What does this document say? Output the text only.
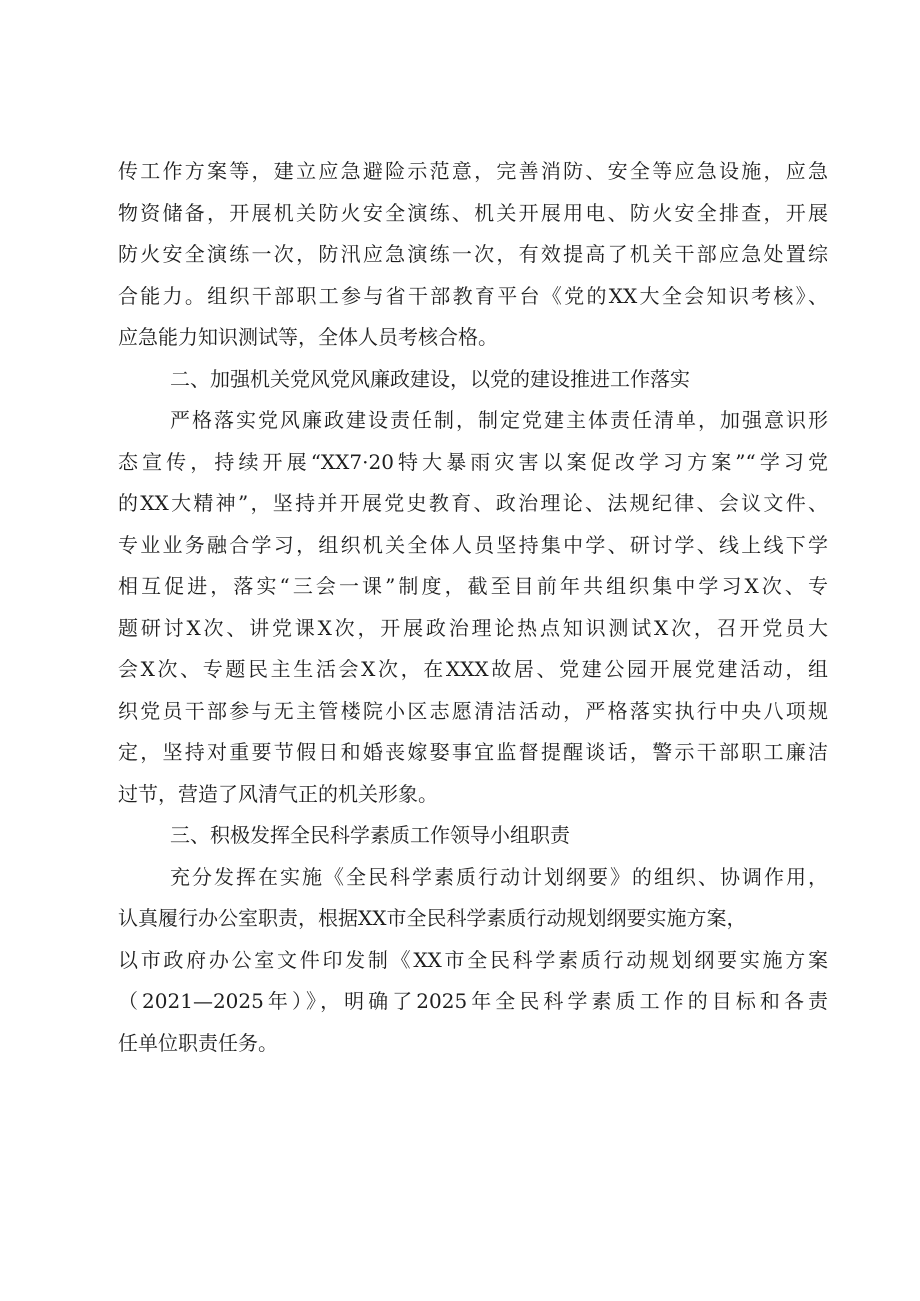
传工作方案等，建立应急避险示范意，完善消防、安全等应急设施，应急
物资储备，开展机关防火安全演练、机关开展用电、防火安全排查，开展
防火安全演练一次，防汛应急演练一次，有效提高了机关干部应急处置综
合能力。组织干部职工参与省干部教育平台《党的XX大全会知识考核》、
应急能力知识测试等，全体人员考核合格。
二、加强机关党风党风廉政建设，以党的建设推进工作落实
严格落实党风廉政建设责任制，制定党建主体责任清单，加强意识形
态宣传，持续开展“XX7·20特大暴雨灾害以案促改学习方案”“学习党
的XX大精神”，坚持并开展党史教育、政治理论、法规纪律、会议文件、
专业业务融合学习，组织机关全体人员坚持集中学、研讨学、线上线下学
相互促进，落实“三会一课”制度，截至目前年共组织集中学习X次、专
题研讨X次、讲党课X次，开展政治理论热点知识测试X次，召开党员大
会X次、专题民主生活会X次，在XXX故居、党建公园开展党建活动，组
织党员干部参与无主管楼院小区志愿清洁活动，严格落实执行中央八项规
定，坚持对重要节假日和婚丧嫁娶事宜监督提醒谈话，警示干部职工廉洁
过节，营造了风清气正的机关形象。
三、积极发挥全民科学素质工作领导小组职责
充分发挥在实施《全民科学素质行动计划纲要》的组织、协调作用，
认真履行办公室职责，根据XX市全民科学素质行动规划纲要实施方案，
以市政府办公室文件印发制《XX市全民科学素质行动规划纲要实施方案
（2021—2025年）》，明确了2025年全民科学素质工作的目标和各责
任单位职责任务。
